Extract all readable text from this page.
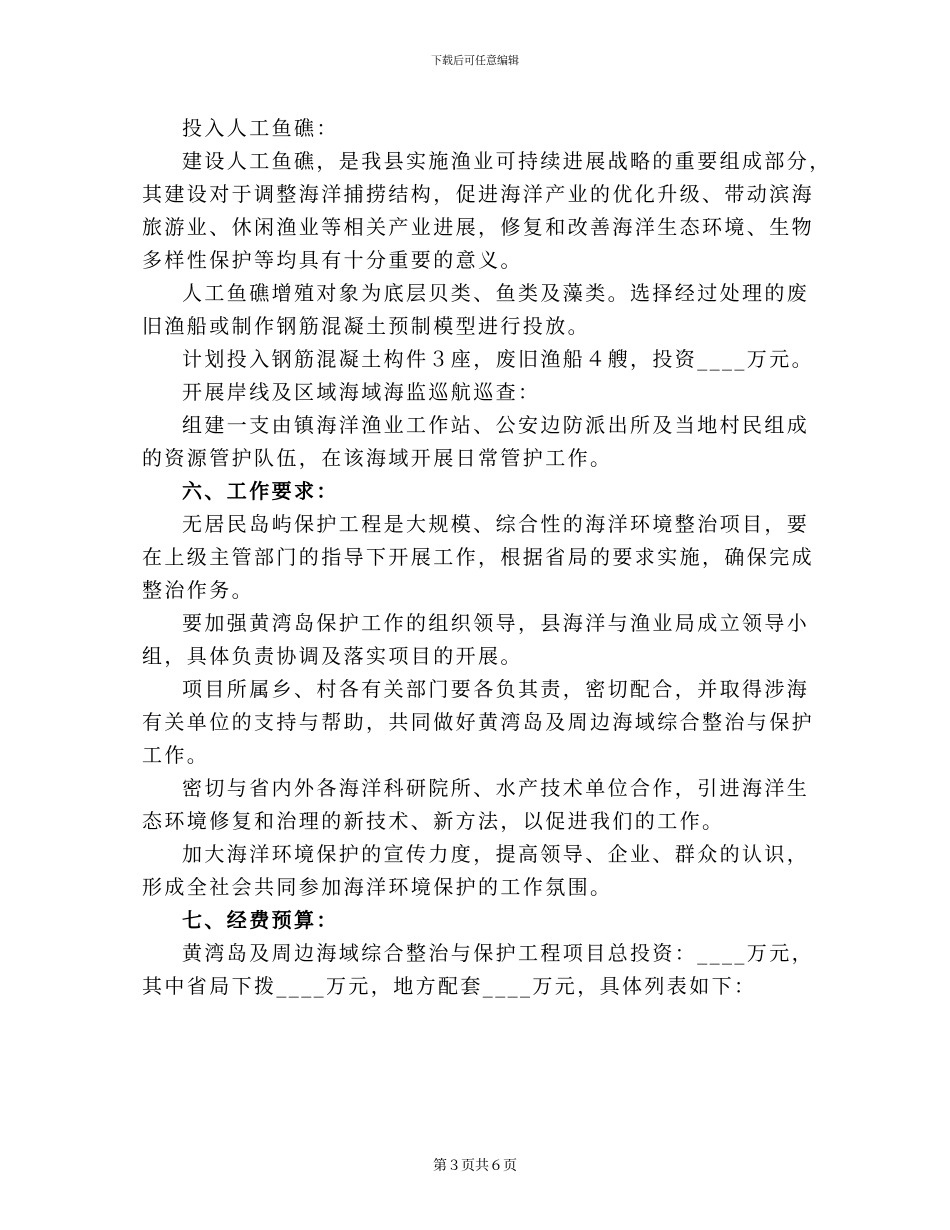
下载后可任意编辑

投入人工鱼礁：

建设人工鱼礁，是我县实施渔业可持续进展战略的重要组成部分，
其建设对于调整海洋捕捞结构，促进海洋产业的优化升级、带动滨海
旅游业、休闲渔业等相关产业进展，修复和改善海洋生态环境、生物
多样性保护等均具有十分重要的意义。

人工鱼礁增殖对象为底层贝类、鱼类及藻类。选择经过处理的废
旧渔船或制作钢筋混凝土预制模型进行投放。

计划投入钢筋混凝土构件３座，废旧渔船４艘，投资____万元。

开展岸线及区域海域海监巡航巡查：

组建一支由镇海洋渔业工作站、公安边防派出所及当地村民组成
的资源管护队伍，在该海域开展日常管护工作。

六、工作要求：

无居民岛屿保护工程是大规模、综合性的海洋环境整治项目，要
在上级主管部门的指导下开展工作，根据省局的要求实施，确保完成
整治作务。

要加强黄湾岛保护工作的组织领导，县海洋与渔业局成立领导小
组，具体负责协调及落实项目的开展。

项目所属乡、村各有关部门要各负其责，密切配合，并取得涉海
有关单位的支持与帮助，共同做好黄湾岛及周边海域综合整治与保护
工作。

密切与省内外各海洋科研院所、水产技术单位合作，引进海洋生
态环境修复和治理的新技术、新方法，以促进我们的工作。

加大海洋环境保护的宣传力度，提高领导、企业、群众的认识，
形成全社会共同参加海洋环境保护的工作氛围。

七、经费预算：

黄湾岛及周边海域综合整治与保护工程项目总投资：____万元，
其中省局下拨____万元，地方配套____万元，具体列表如下：

第３页共６页
